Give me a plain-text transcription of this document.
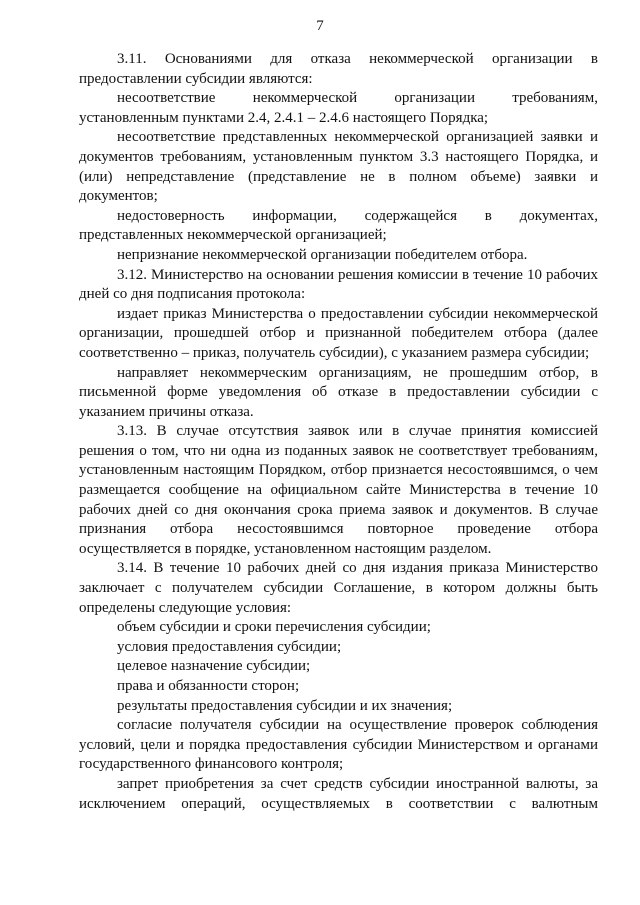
7

3.11. Основаниями для отказа некоммерческой организации в предоставлении субсидии являются:

несоответствие некоммерческой организации требованиям, установленным пунктами 2.4, 2.4.1 – 2.4.6 настоящего Порядка;

несоответствие представленных некоммерческой организацией заявки и документов требованиям, установленным пунктом 3.3 настоящего Порядка, и (или) непредставление (представление не в полном объеме) заявки и документов;

недостоверность информации, содержащейся в документах, представленных некоммерческой организацией;

непризнание некоммерческой организации победителем отбора.

3.12. Министерство на основании решения комиссии в течение 10 рабочих дней со дня подписания протокола:

издает приказ Министерства о предоставлении субсидии некоммерческой организации, прошедшей отбор и признанной победителем отбора (далее соответственно – приказ, получатель субсидии), с указанием размера субсидии;

направляет некоммерческим организациям, не прошедшим отбор, в письменной форме уведомления об отказе в предоставлении субсидии с указанием причины отказа.

3.13. В случае отсутствия заявок или в случае принятия комиссией решения о том, что ни одна из поданных заявок не соответствует требованиям, установленным настоящим Порядком, отбор признается несостоявшимся, о чем размещается сообщение на официальном сайте Министерства в течение 10 рабочих дней со дня окончания срока приема заявок и документов. В случае признания отбора несостоявшимся повторное проведение отбора осуществляется в порядке, установленном настоящим разделом.

3.14. В течение 10 рабочих дней со дня издания приказа Министерство заключает с получателем субсидии Соглашение, в котором должны быть определены следующие условия:

объем субсидии и сроки перечисления субсидии;

условия предоставления субсидии;

целевое назначение субсидии;

права и обязанности сторон;

результаты предоставления субсидии и их значения;

согласие получателя субсидии на осуществление проверок соблюдения условий, цели и порядка предоставления субсидии Министерством и органами государственного финансового контроля;

запрет приобретения за счет средств субсидии иностранной валюты, за исключением операций, осуществляемых в соответствии с валютным
